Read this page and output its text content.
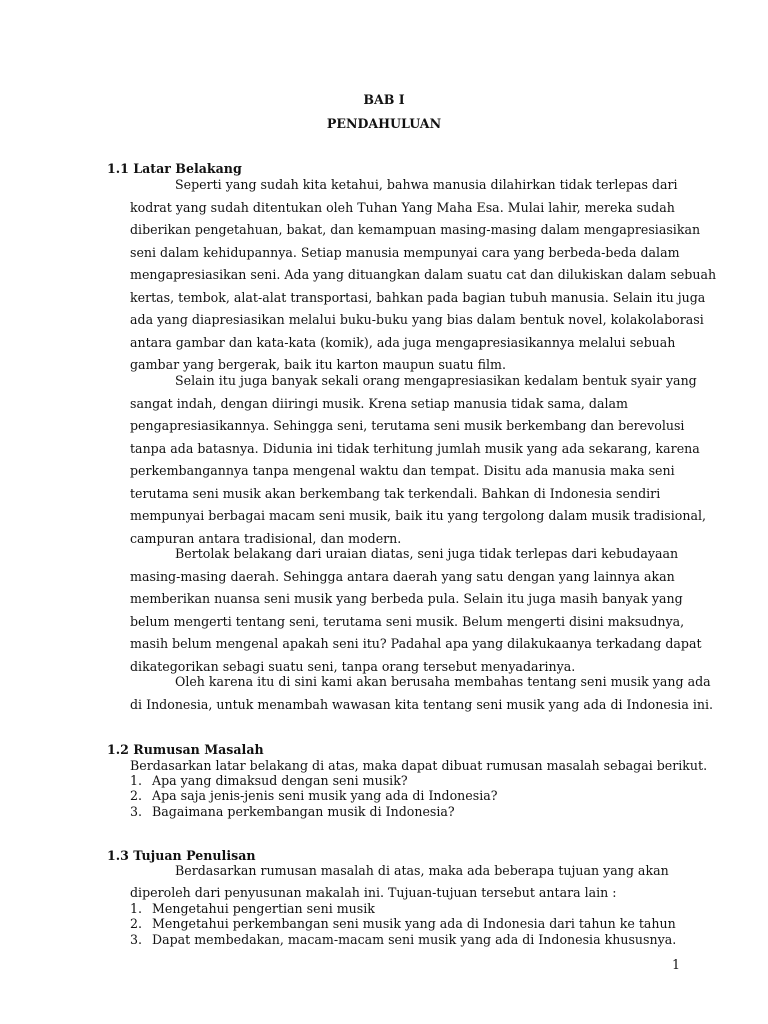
BAB I
PENDAHULUAN
1.1 Latar Belakang
Seperti yang sudah kita ketahui, bahwa manusia dilahirkan tidak terlepas dari
kodrat yang sudah ditentukan oleh Tuhan Yang Maha Esa. Mulai lahir, mereka sudah
diberikan pengetahuan, bakat, dan kemampuan masing-masing dalam mengapresiasikan
seni dalam kehidupannya. Setiap manusia mempunyai cara yang berbeda-beda dalam
mengapresiasikan seni. Ada yang dituangkan dalam suatu cat dan dilukiskan dalam sebuah
kertas, tembok, alat-alat transportasi, bahkan pada bagian tubuh manusia. Selain itu juga
ada yang diapresiasikan melalui buku-buku yang bias dalam bentuk novel, kolakolaborasi
antara gambar dan kata-kata (komik), ada juga mengapresiasikannya melalui sebuah
gambar yang bergerak, baik itu karton maupun suatu film.
Selain itu juga banyak sekali orang mengapresiasikan kedalam bentuk syair yang
sangat indah, dengan diiringi musik. Krena setiap manusia tidak sama, dalam
pengapresiasikannya. Sehingga seni, terutama seni musik berkembang dan berevolusi
tanpa ada batasnya. Didunia ini tidak terhitung jumlah musik yang ada sekarang, karena
perkembangannya tanpa mengenal waktu dan tempat. Disitu ada manusia maka seni
terutama seni musik akan berkembang tak terkendali. Bahkan di Indonesia sendiri
mempunyai berbagai macam seni musik, baik itu yang tergolong dalam musik tradisional,
campuran antara tradisional, dan modern.
Bertolak belakang dari uraian diatas, seni juga tidak terlepas dari kebudayaan
masing-masing daerah. Sehingga antara daerah yang satu dengan yang lainnya akan
memberikan nuansa seni musik yang berbeda pula. Selain itu juga masih banyak yang
belum mengerti tentang seni, terutama seni musik. Belum mengerti disini maksudnya,
masih belum mengenal apakah seni itu? Padahal apa yang dilakukaanya terkadang dapat
dikategorikan sebagi suatu seni, tanpa orang tersebut menyadarinya.
Oleh karena itu di sini kami akan berusaha membahas tentang seni musik yang ada
di Indonesia, untuk menambah wawasan kita tentang seni musik yang ada di Indonesia ini.
1.2 Rumusan Masalah
Berdasarkan latar belakang di atas, maka dapat dibuat rumusan masalah sebagai berikut.
1. Apa yang dimaksud dengan seni musik?
2. Apa saja jenis-jenis seni musik yang ada di Indonesia?
3. Bagaimana perkembangan musik di Indonesia?
1.3 Tujuan Penulisan
Berdasarkan rumusan masalah di atas, maka ada beberapa tujuan yang akan
diperoleh dari penyusunan makalah ini. Tujuan-tujuan tersebut antara lain :
1. Mengetahui pengertian seni musik
2. Mengetahui perkembangan seni musik yang ada di Indonesia dari tahun ke tahun
3. Dapat membedakan, macam-macam seni musik yang ada di Indonesia khususnya.
1
